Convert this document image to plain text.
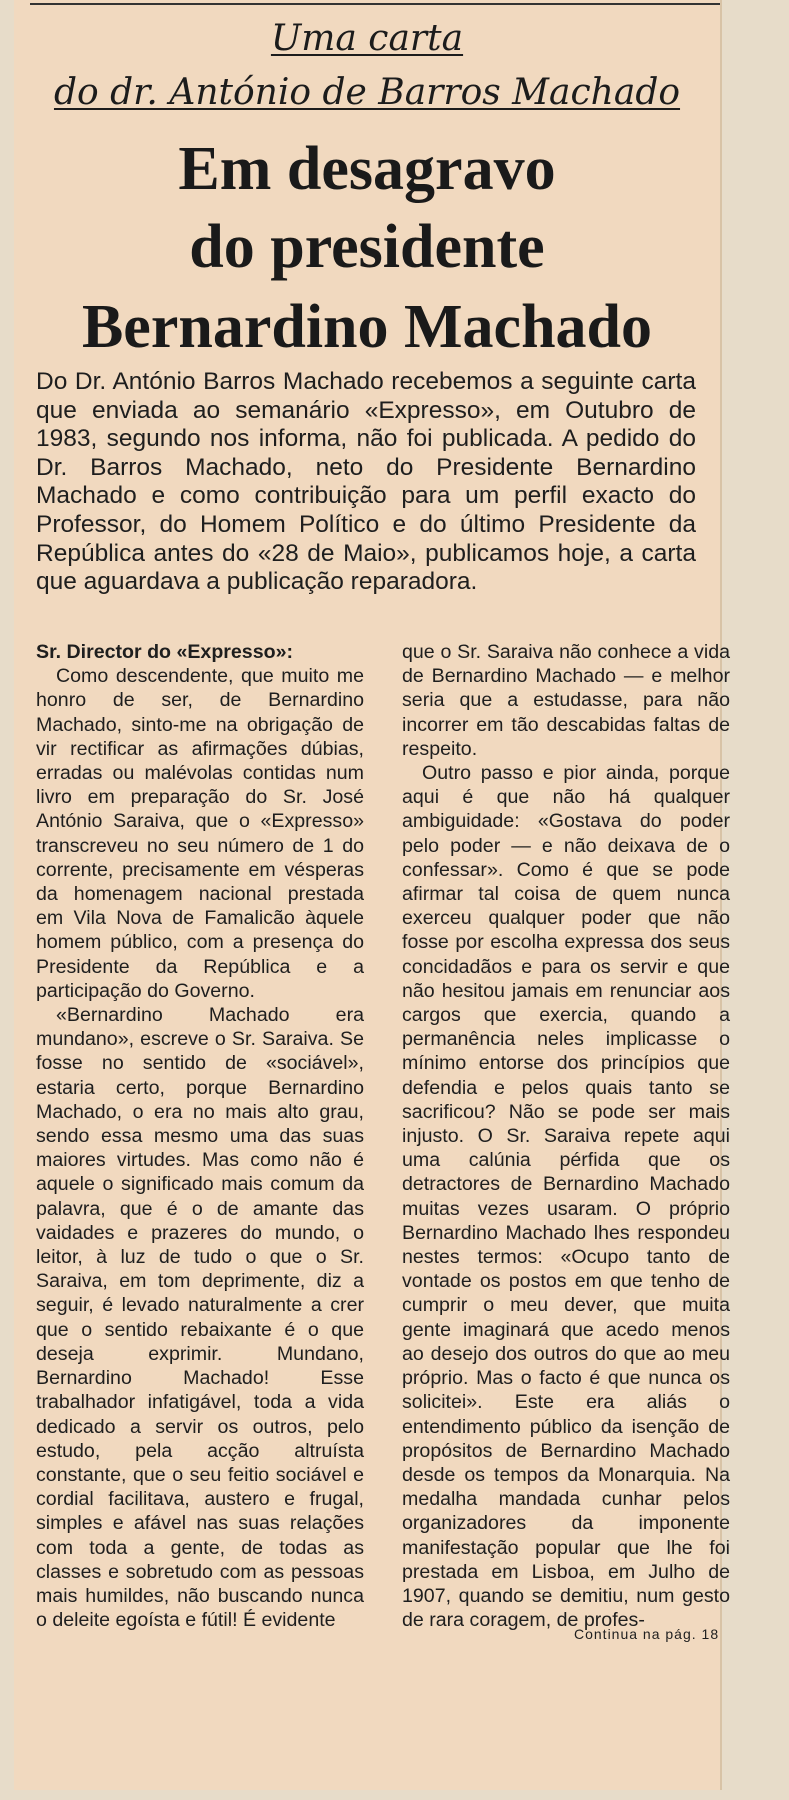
Uma carta
do dr. António de Barros Machado
Em desagravo
do presidente
Bernardino Machado
Do Dr. António Barros Machado recebemos a seguinte carta que enviada ao semanário «Expresso», em Outubro de 1983, segundo nos informa, não foi publicada. A pedido do Dr. Barros Machado, neto do Presidente Bernardino Machado e como contribuição para um perfil exacto do Professor, do Homem Político e do último Presidente da República antes do «28 de Maio», publicamos hoje, a carta que aguardava a publicação reparadora.

Sr. Director do «Expresso»:

Como descendente, que muito me honro de ser, de Bernardino Machado, sinto-me na obrigação de vir rectificar as afirmações dúbias, erradas ou malévolas contidas num livro em preparação do Sr. José António Saraiva, que o «Expresso» transcreveu no seu número de 1 do corrente, precisamente em vésperas da homenagem nacional prestada em Vila Nova de Famalicão àquele homem público, com a presença do Presidente da República e a participação do Governo.

«Bernardino Machado era mundano», escreve o Sr. Saraiva. Se fosse no sentido de «sociável», estaria certo, porque Bernardino Machado, o era no mais alto grau, sendo essa mesmo uma das suas maiores virtudes. Mas como não é aquele o significado mais comum da palavra, que é o de amante das vaidades e prazeres do mundo, o leitor, à luz de tudo o que o Sr. Saraiva, em tom deprimente, diz a seguir, é levado naturalmente a crer que o sentido rebaixante é o que deseja exprimir. Mundano, Bernardino Machado! Esse trabalhador infatigável, toda a vida dedicado a servir os outros, pelo estudo, pela acção altruísta constante, que o seu feitio sociável e cordial facilitava, austero e frugal, simples e afável nas suas relações com toda a gente, de todas as classes e sobretudo com as pessoas mais humildes, não buscando nunca o deleite egoísta e fútil! É evidente

que o Sr. Saraiva não conhece a vida de Bernardino Machado — e melhor seria que a estudasse, para não incorrer em tão descabidas faltas de respeito.

Outro passo e pior ainda, porque aqui é que não há qualquer ambiguidade: «Gostava do poder pelo poder — e não deixava de o confessar». Como é que se pode afirmar tal coisa de quem nunca exerceu qualquer poder que não fosse por escolha expressa dos seus concidadãos e para os servir e que não hesitou jamais em renunciar aos cargos que exercia, quando a permanência neles implicasse o mínimo entorse dos princípios que defendia e pelos quais tanto se sacrificou? Não se pode ser mais injusto. O Sr. Saraiva repete aqui uma calúnia pérfida que os detractores de Bernardino Machado muitas vezes usaram. O próprio Bernardino Machado lhes respondeu nestes termos: «Ocupo tanto de vontade os postos em que tenho de cumprir o meu dever, que muita gente imaginará que acedo menos ao desejo dos outros do que ao meu próprio. Mas o facto é que nunca os solicitei». Este era aliás o entendimento público da isenção de propósitos de Bernardino Machado desde os tempos da Monarquia. Na medalha mandada cunhar pelos organizadores da imponente manifestação popular que lhe foi prestada em Lisboa, em Julho de 1907, quando se demitiu, num gesto de rara coragem, de profes-

Continua na pág. 18
